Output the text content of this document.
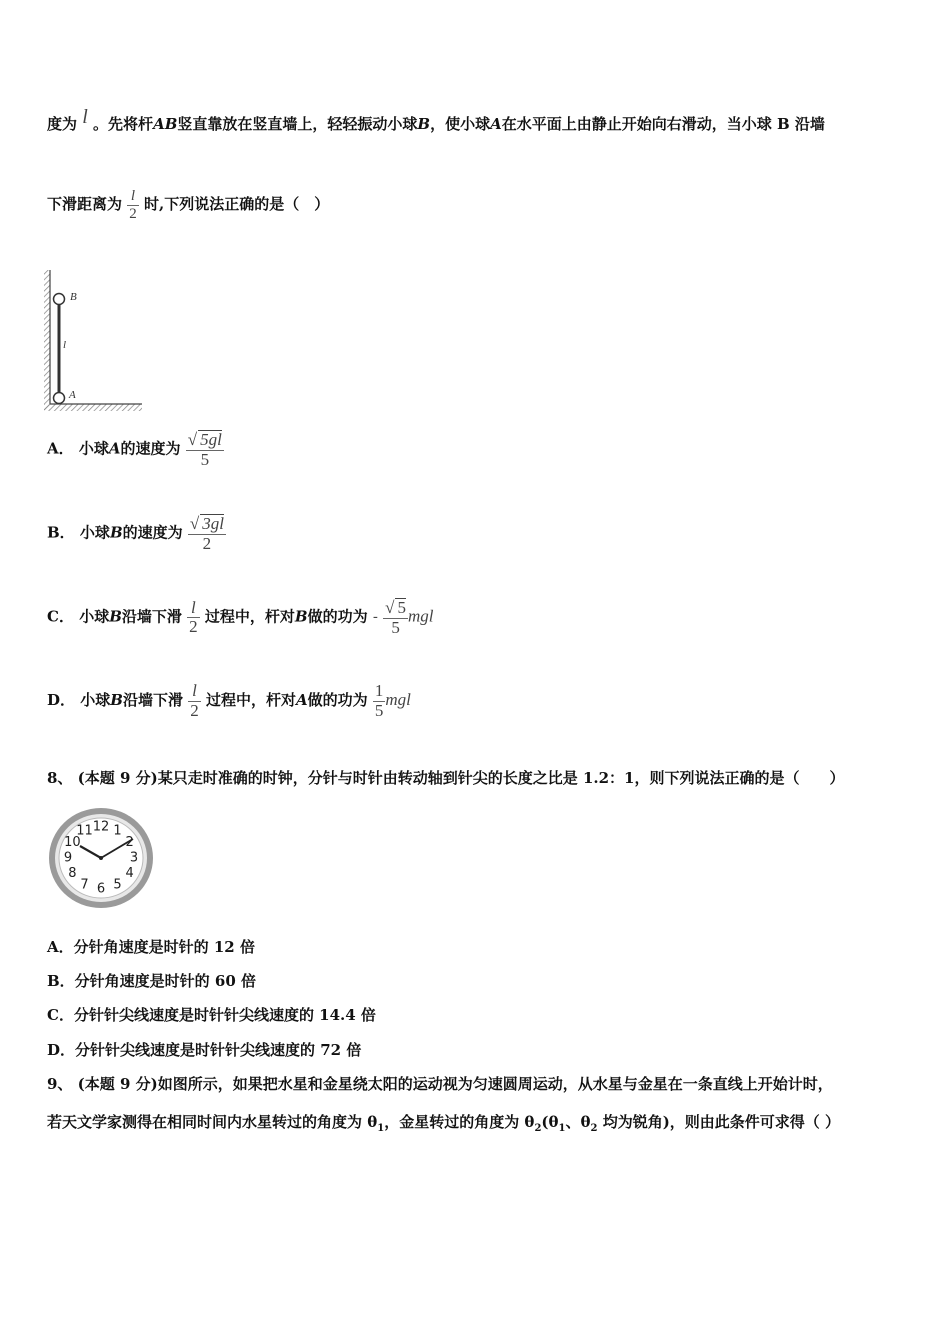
度为 l 。先将杆AB竖直靠放在竖直墙上，轻轻振动小球B，使小球A在水平面上由静止开始向右滑动，当小球 B 沿墙
下滑距离为 $\frac{l}{2}$ 时,下列说法正确的是（　）
B
l
A
A． 小球A的速度为 $\frac{√ 5gl}{5}$
B． 小球B的速度为 $\frac{√ 3gl}{2}$
C． 小球B沿墙下滑 $\frac{l}{2}$ 过程中，杆对B做的功为 - $\frac{√ 5}{5}$ mgl
D． 小球B沿墙下滑 $\frac{l}{2}$ 过程中，杆对A做的功为 $\frac{1}{5}$ mgl
8、 (本题 9 分)某只走时准确的时钟，分针与时针由转动轴到针尖的长度之比是 1.2：1，则下列说法正确的是（　　）
12 1
2
3
4
5
6
7
8
9
10
11
A．分针角速度是时针的 12 倍
B．分针角速度是时针的 60 倍
C．分针针尖线速度是时针针尖线速度的 14.4 倍
D．分针针尖线速度是时针针尖线速度的 72 倍
9、 (本题 9 分)如图所示，如果把水星和金星绕太阳的运动视为匀速圆周运动，从水星与金星在一条直线上开始计时，
若天文学家测得在相同时间内水星转过的角度为 $\theta_1$，金星转过的角度为 $\theta_2(\theta_1$、$\theta_2$ 均为锐角)，则由此条件可求得（ ）
